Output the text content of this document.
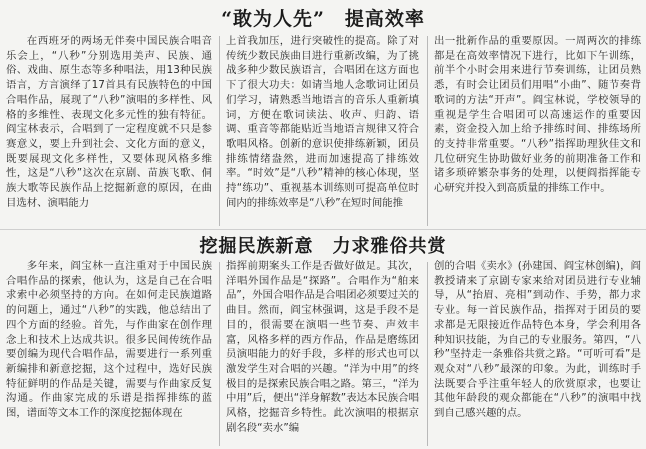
“敢为人先”　提高效率

在西班牙的两场无伴奏中国民族合唱音乐会上，“八秒”分别选用美声、民族、通俗、戏曲、原生态等多种唱法，用13种民族语言，方言演绎了17首具有民族特色的中国合唱作品，展现了“八秒”演唱的多样性、风格的多维性、表现文化多元性的独有特征。阎宝林表示，合唱到了一定程度就不只是参赛意义，要上升到社会、文化方面的意义，既要展现文化多样性，又要体现风格多维性，这是“八秒”这次在京剧、苗族飞歌、侗族大歌等民族作品上挖掘新意的原因，在曲目选材、演唱能力

上首我加压，进行突破性的提高。除了对传统少数民族曲目进行重新改编，为了挑战多种少数民族语言，合唱团在这方面也下了很大功夫：如请当地人念歌词让团员们学习，请熟悉当地语言的音乐人重新填词，方便在歌词读法、收声、归韵、语调、重音等都能贴近当地语言规律又符合歌唱风格。创新的意识使排练新颖，团员排练情绪盎然，进而加速提高了排练效率。“时效”是“八秒”精神的核心体现，坚持“练功”、重视基本训练则可提高单位时间内的排练效率是“八秒”在短时间能推

出一批新作品的重要原因。一周两次的排练都是在高效率情况下进行，比如下午训练，前半个小时会用来进行节奏训练，让团员熟悉，有时会让团员们用唱“小曲”、随节奏背歌词的方法“开声”。阎宝林说，学校领导的重视是学生合唱团可以高速运作的重要因素，资金投入加上给予排练时间、排练场所的支持非常重要。“八秒”指挥助理狄佳文和几位研究生协助做好业务的前期准备工作和诸多琐碎繁杂事务的处理，以便阎指挥能专心研究并投入到高质量的排练工作中。

挖掘民族新意　力求雅俗共赏

多年来，阎宝林一直注重对于中国民族合唱作品的探索，他认为，这是自己在合唱求索中必须坚持的方向。在如何走民族道路的问题上，通过“八秒”的实践，他总结出了四个方面的经验。首先，与作曲家在创作理念上和技术上达成共识。很多民间传统作品要创编为现代合唱作品，需要进行一系列重新编排和新意挖掘，这个过程中，选好民族特征鲜明的作品是关键，需要与作曲家反复沟通。作曲家完成的乐谱是指挥排练的蓝图，谱面等文本工作的深度挖掘体现在

指挥前期案头工作是否做好做足。其次，洋唱外国作品是“探路”。合唱作为“舶来品”，外国合唱作品是合唱团必须要过关的曲目。然而，阎宝林强调，这是手段不是目的，很需要在演唱一些节奏、声效丰富，风格多样的西方作品，作品是磨练团员演唱能力的好手段，多样的形式也可以激发学生对合唱的兴趣。“洋为中用”的终极目的是探索民族合唱之路。第三，“洋为中用”后，便出“洋身解数”表达本民族合唱风格，挖掘音乡特性。此次演唱的根据京剧名段“卖水”编

创的合唱《卖水》(孙建国、阎宝林创编)，阎教授请来了京剧专家来给对团员进行专业辅导，从“抬眉、亮相”到动作、手势，都力求专业。每一首民族作品，指挥对于团员的要求都是无限接近作品特色本身，学会利用各种知识技能，为自己的专业服务。第四，“八秒”坚持走一条雅俗共赏之路。“可听可看”是观众对“八秒”最深的印象。为此，训练时手法既要合乎注重年轻人的欣赏原求，也要让其他年龄段的观众都能在“八秒”的演唱中找到自己感兴趣的点。
